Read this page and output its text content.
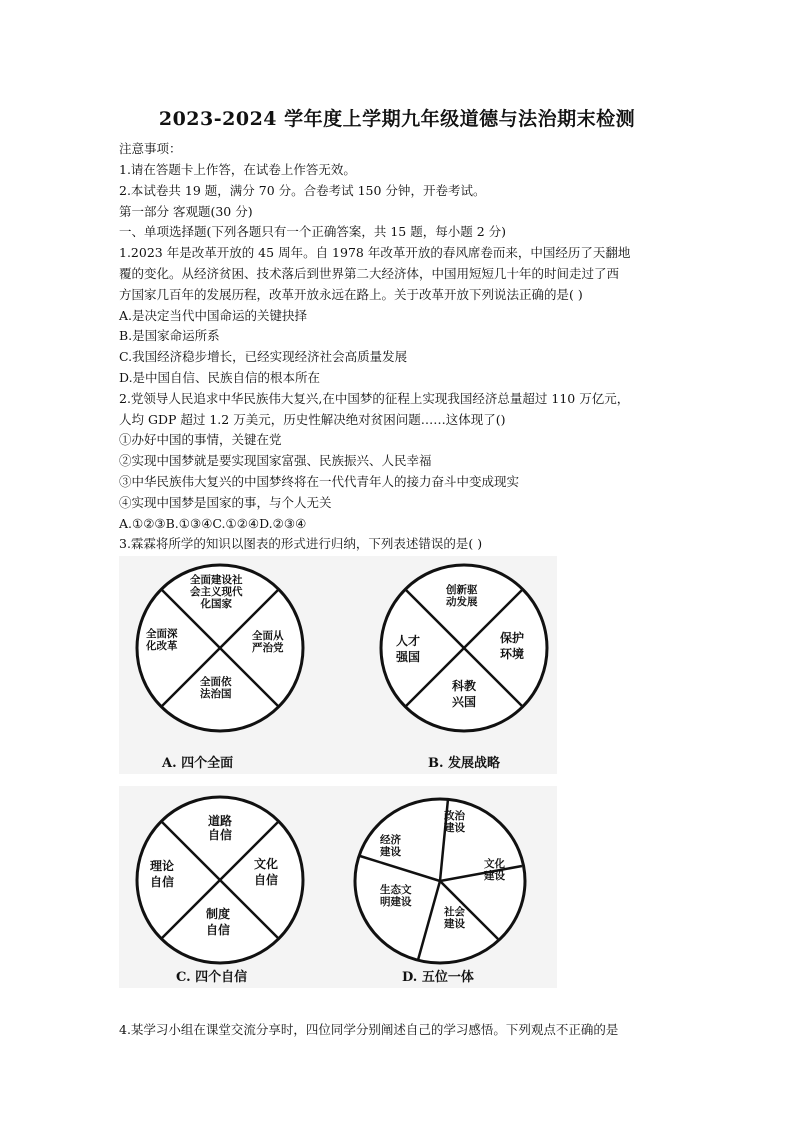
2023-2024 学年度上学期九年级道德与法治期末检测
注意事项：
1.请在答题卡上作答，在试卷上作答无效。
2.本试卷共 19 题，满分 70 分。合卷考试 150 分钟，开卷考试。
第一部分 客观题(30 分)
一、单项选择题(下列各题只有一个正确答案，共 15 题，每小题 2 分)
1.2023 年是改革开放的 45 周年。自 1978 年改革开放的春风席卷而来，中国经历了天翻地
覆的变化。从经济贫困、技术落后到世界第二大经济体，中国用短短几十年的时间走过了西
方国家几百年的发展历程，改革开放永远在路上。关于改革开放下列说法正确的是( )
A.是决定当代中国命运的关键抉择
B.是国家命运所系
C.我国经济稳步增长，已经实现经济社会高质量发展
D.是中国自信、民族自信的根本所在
2.党领导人民追求中华民族伟大复兴,在中国梦的征程上实现我国经济总量超过 110 万亿元，
人均 GDP 超过 1.2 万美元，历史性解决绝对贫困问题……这体现了()
①办好中国的事情，关键在党
②实现中国梦就是要实现国家富强、民族振兴、人民幸福
③中华民族伟大复兴的中国梦终将在一代代青年人的接力奋斗中变成现实
④实现中国梦是国家的事，与个人无关
A.①②③B.①③④C.①②④D.②③④
3.霖霖将所学的知识以图表的形式进行归纳，下列表述错误的是( )
全面建设社
会主义现代
化国家
全面深
化改革
全面从
严治党
全面依
法治国
A. 四个全面
创新驱
动发展
人才
强国
保护
环境
科教
兴国
B. 发展战略
道路
自信
理论
自信
文化
自信
制度
自信
C. 四个自信
政治
建设
经济
建设
文化
建设
生态文
明建设
社会
建设
D. 五位一体
4.某学习小组在课堂交流分享时，四位同学分别阐述自己的学习感悟。下列观点不正确的是
